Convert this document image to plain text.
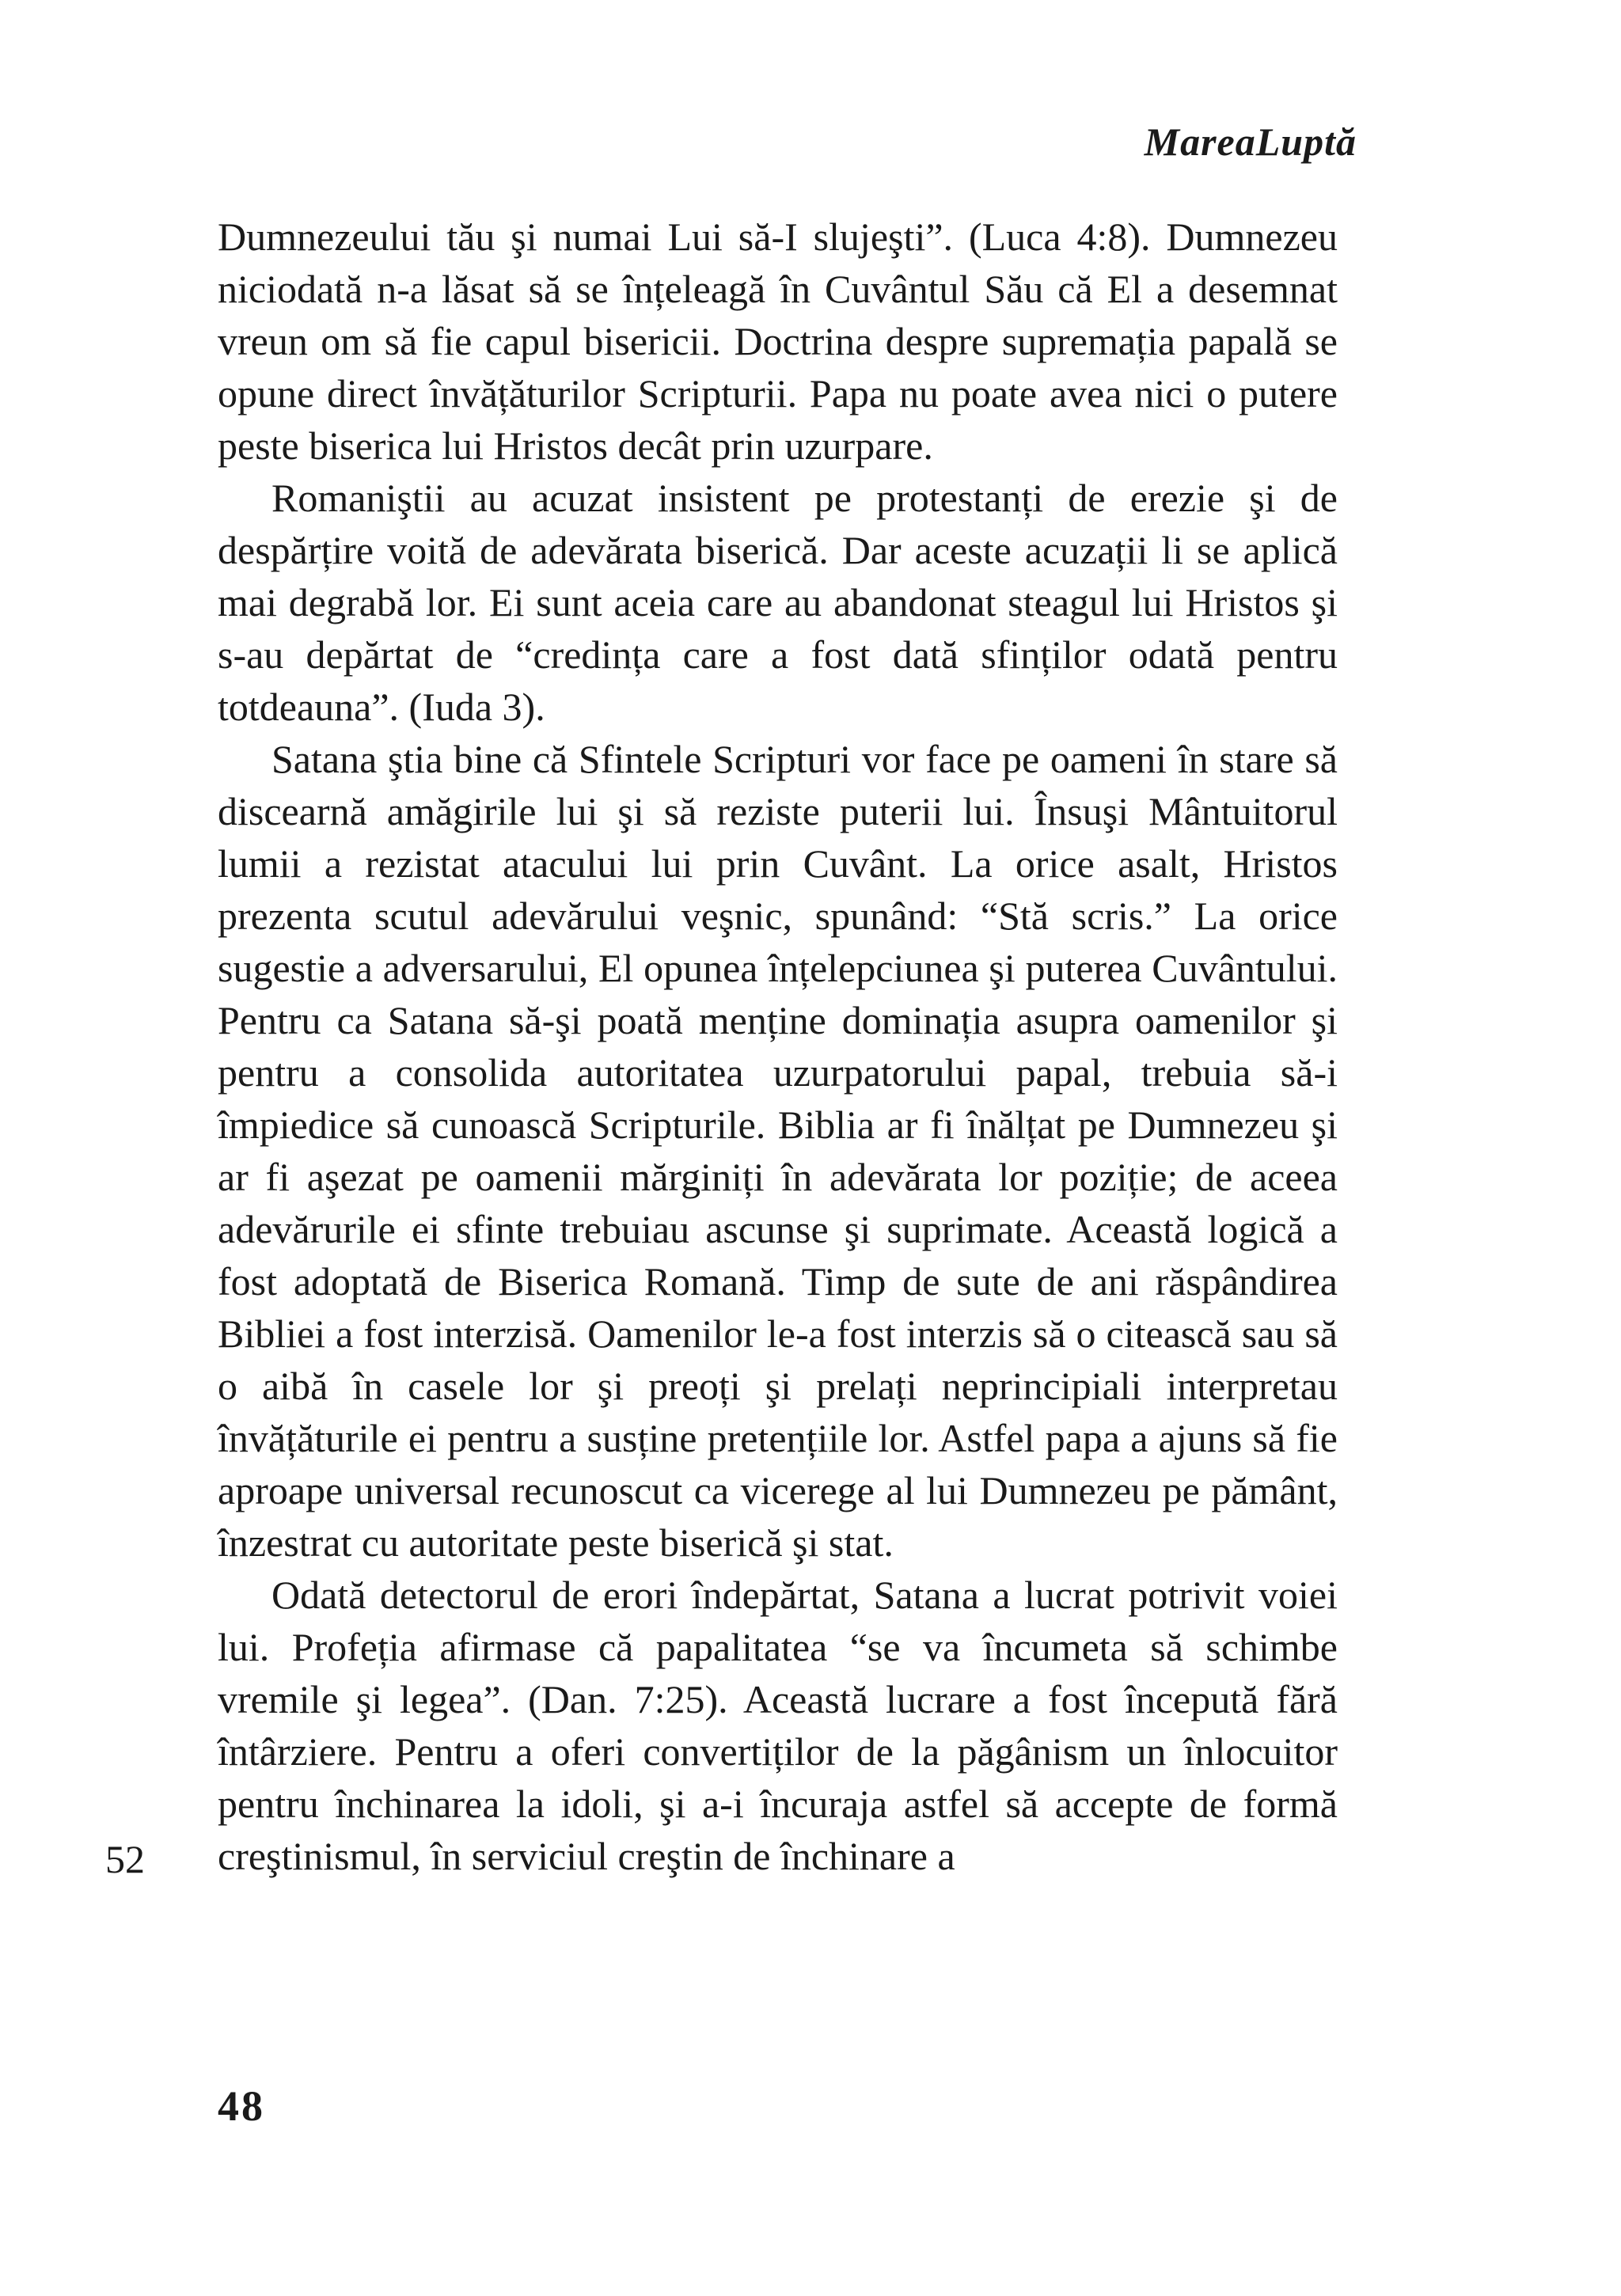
MareaLuptă

Dumnezeului tău şi numai Lui să-I slujeşti”. (Luca 4:8). Dumnezeu niciodată n-a lăsat să se înțeleagă în Cuvântul Său că El a desemnat vreun om să fie capul bisericii. Doctrina despre supremația papală se opune direct învățăturilor Scripturii. Papa nu poate avea nici o putere peste biserica lui Hristos decât prin uzurpare.

Romaniştii au acuzat insistent pe protestanți de erezie şi de despărțire voită de adevărata biserică. Dar aceste acuzații li se aplică mai degrabă lor. Ei sunt aceia care au abandonat steagul lui Hristos şi s-au depărtat de “credința care a fost dată sfinților odată pentru totdeauna”. (Iuda 3).

Satana ştia bine că Sfintele Scripturi vor face pe oameni în stare să discearnă amăgirile lui şi să reziste puterii lui. Însuşi Mântuitorul lumii a rezistat atacului lui prin Cuvânt. La orice asalt, Hristos prezenta scutul adevărului veşnic, spunând: “Stă scris.” La orice sugestie a adversarului, El opunea înțelepciunea şi puterea Cuvântului. Pentru ca Satana să-şi poată menține dominația asupra oamenilor şi pentru a consolida autoritatea uzurpatorului papal, trebuia să-i împiedice să cunoască Scripturile. Biblia ar fi înălțat pe Dumnezeu şi ar fi aşezat pe oamenii mărginiți în adevărata lor poziție; de aceea adevărurile ei sfinte trebuiau ascunse şi suprimate. Această logică a fost adoptată de Biserica Romană. Timp de sute de ani răspândirea Bibliei a fost interzisă. Oamenilor le-a fost interzis să o citească sau să o aibă în casele lor şi preoți şi prelați neprincipiali interpretau învățăturile ei pentru a susține pretențiile lor. Astfel papa a ajuns să fie aproape universal recunoscut ca viceregе al lui Dumnezeu pe pământ, înzestrat cu autoritate peste biserică şi stat.

Odată detectorul de erori îndepărtat, Satana a lucrat potrivit voiei lui. Profeția afirmase că papalitatea “se va încumeta să schimbe vremile şi legea”. (Dan. 7:25). Această lucrare a fost începută fără întârziere. Pentru a oferi convertiților de la păgânism un înlocuitor pentru închinarea la idoli, şi a-i încuraja astfel să accepte de formă creştinismul, în serviciul creştin de închinare a

52
48
